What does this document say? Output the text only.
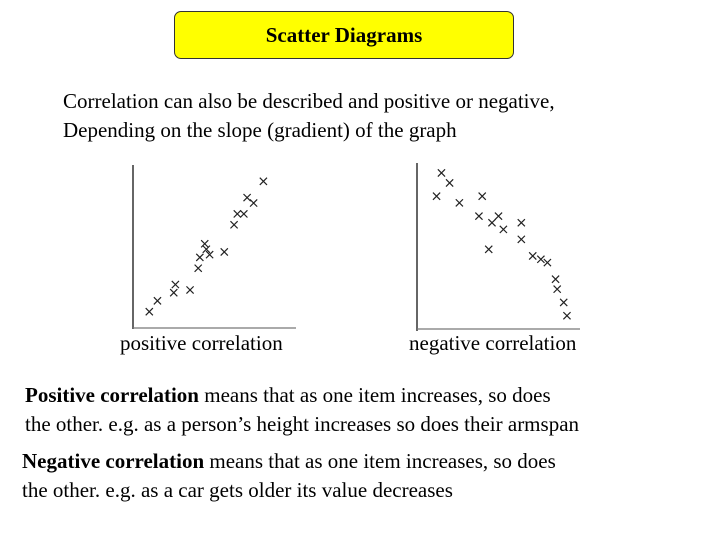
Scatter Diagrams
Correlation can also be described and positive or negative,
Depending on the slope (gradient) of the graph
positive correlation	negative correlation
Positive correlation means that as one item increases, so does
the other. e.g. as a person’s height increases so does their armspan
Negative correlation means that as one item increases, so does
the other. e.g. as a car gets older its value decreases
